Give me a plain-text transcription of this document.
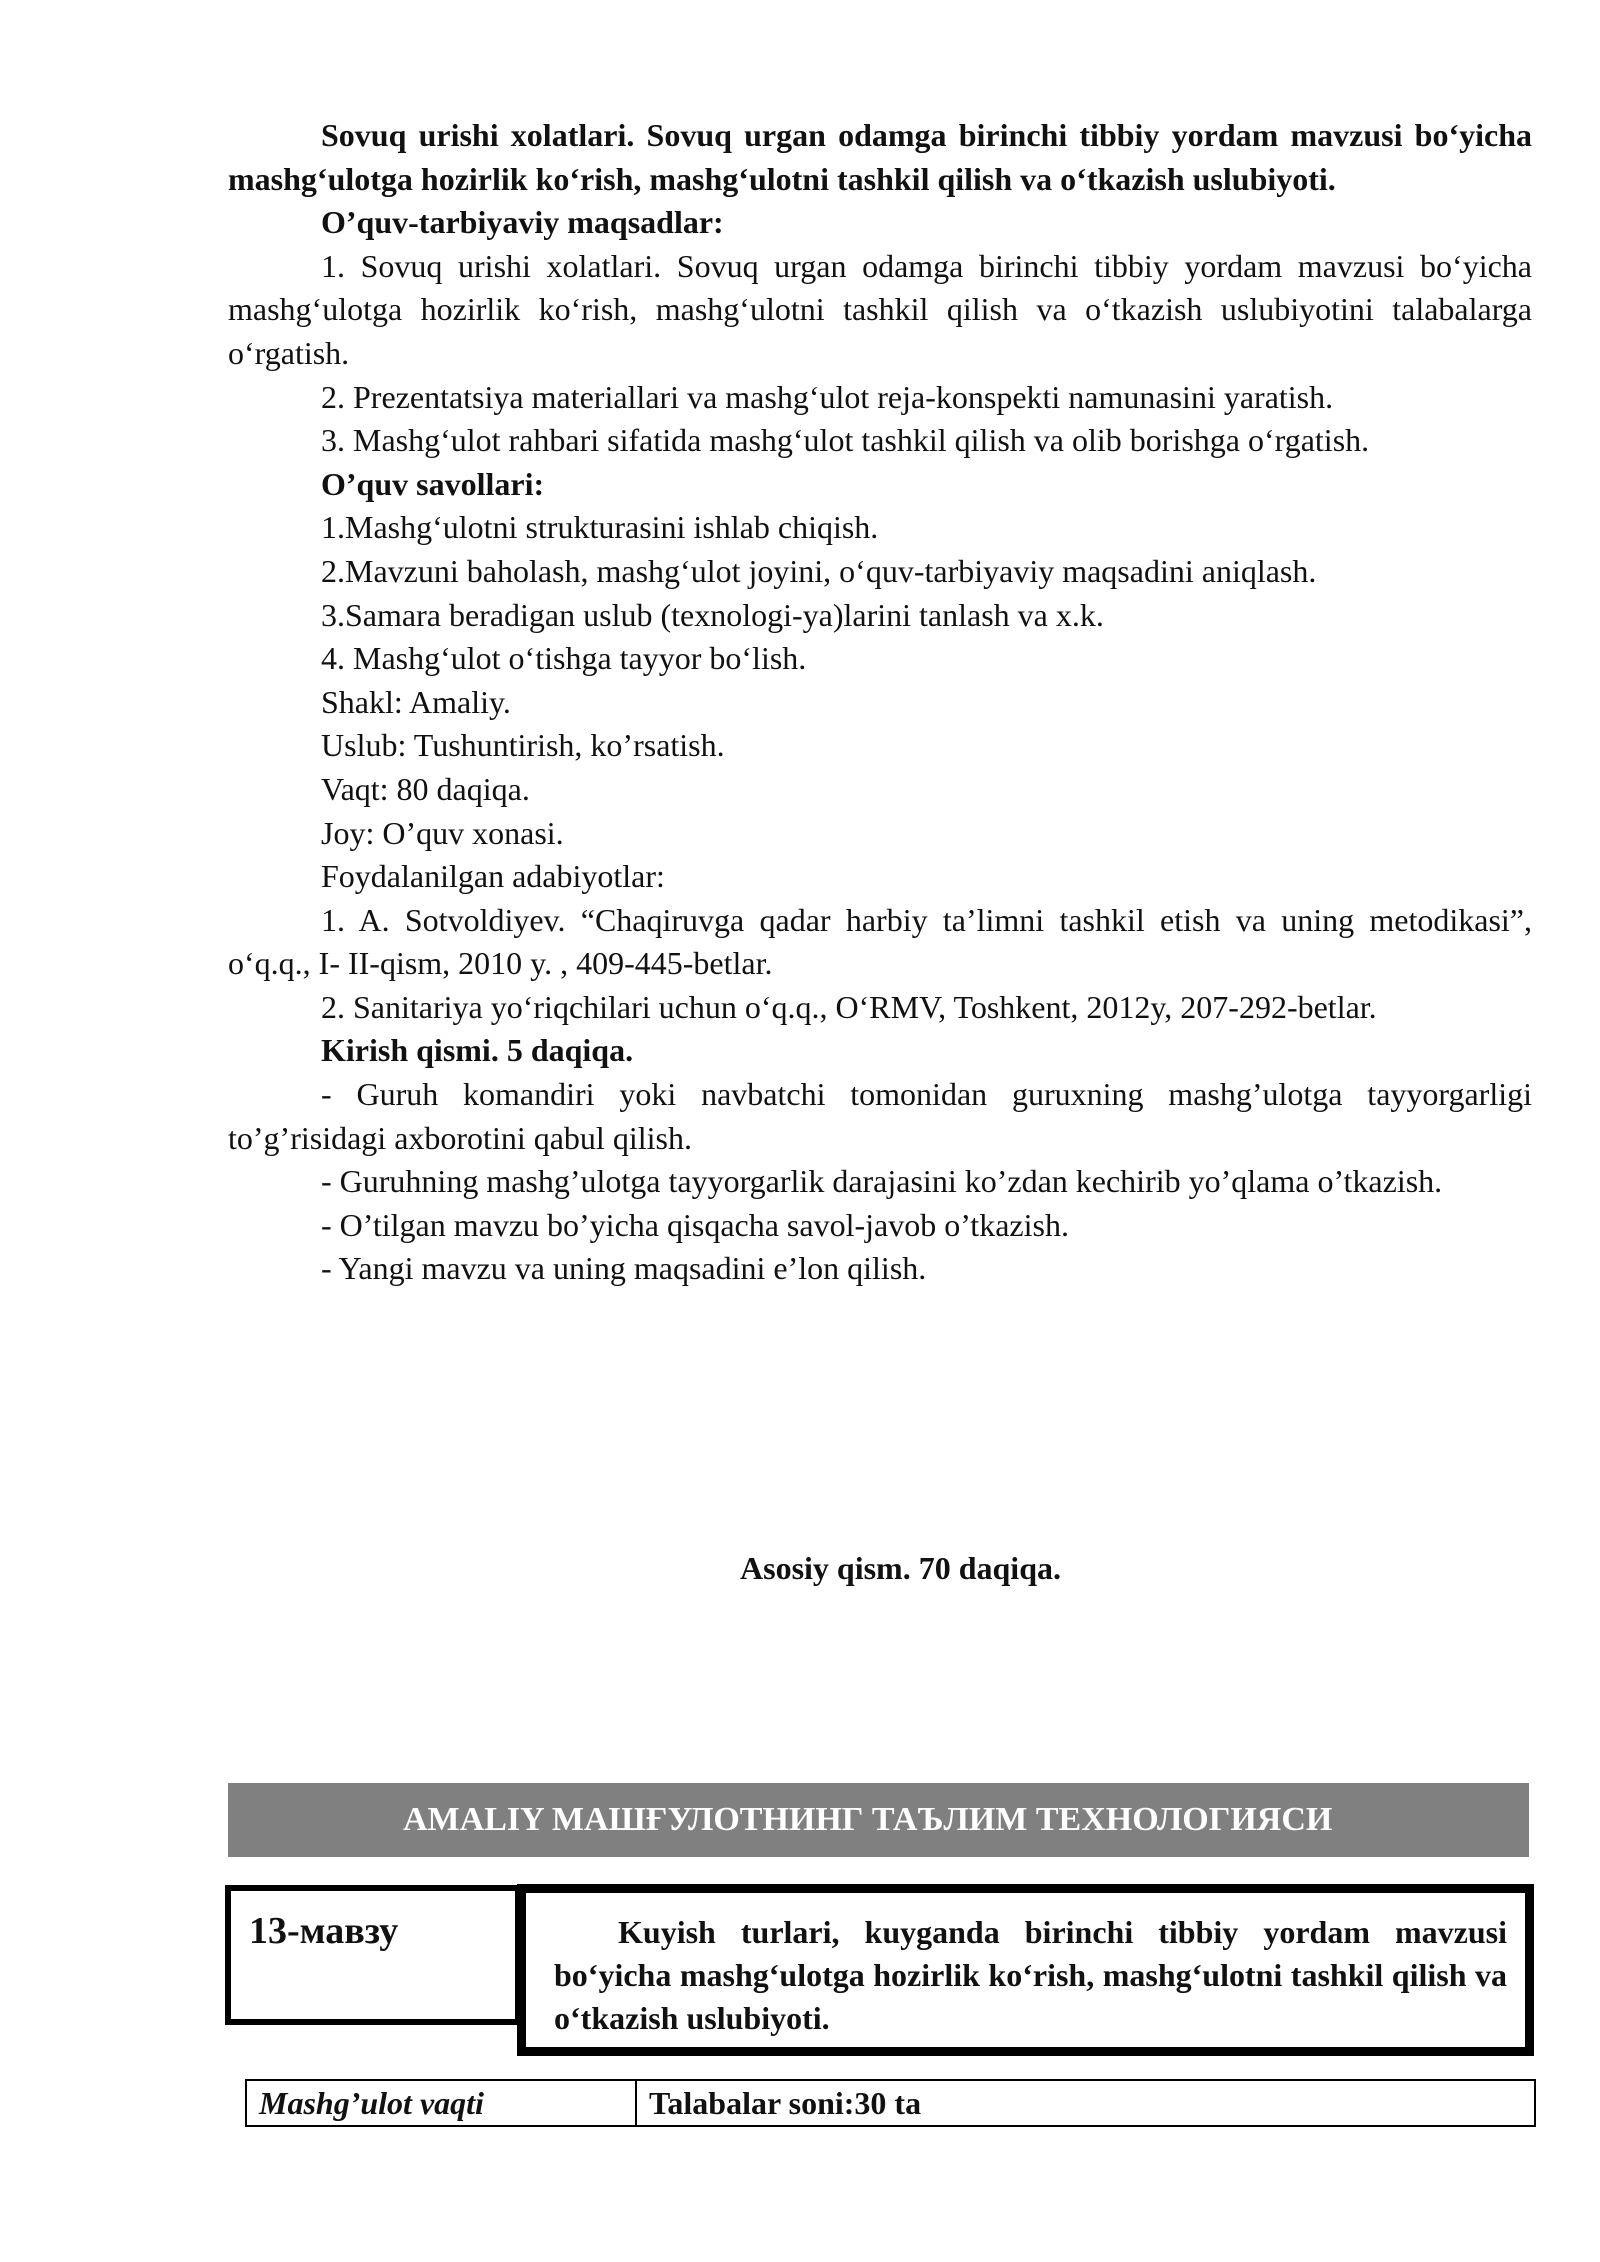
Sovuq urishi xolatlari. Sovuq urgan odamga birinchi tibbiy yordam mavzusi bo‘yicha mashg‘ulotga hozirlik ko‘rish, mashg‘ulotni tashkil qilish va o‘tkazish uslubiyoti.

O’quv-tarbiyaviy maqsadlar:

1. Sovuq urishi xolatlari. Sovuq urgan odamga birinchi tibbiy yordam mavzusi bo‘yicha mashg‘ulotga hozirlik ko‘rish, mashg‘ulotni tashkil qilish va o‘tkazish uslubiyotini talabalarga o‘rgatish.

2. Prezentatsiya materiallari va mashg‘ulot reja-konspekti namunasini yaratish.

3. Mashg‘ulot rahbari sifatida mashg‘ulot tashkil qilish va olib borishga o‘rgatish.

O’quv savollari:

1.Mashg‘ulotni strukturasini ishlab chiqish.

2.Mavzuni baholash, mashg‘ulot joyini, o‘quv-tarbiyaviy maqsadini aniqlash.

3.Samara beradigan uslub (texnologi-ya)larini tanlash va x.k.

4. Mashg‘ulot o‘tishga tayyor bo‘lish.

Shakl: Amaliy.

Uslub: Tushuntirish, ko’rsatish.

Vaqt: 80 daqiqa.

Joy: O’quv xonasi.

Foydalanilgan adabiyotlar:

1. A. Sotvoldiyev. “Chaqiruvga qadar harbiy ta’limni tashkil etish va uning metodikasi”, o‘q.q., I- II-qism, 2010 y. , 409-445-betlar.

2. Sanitariya yo‘riqchilari uchun o‘q.q., O‘RMV, Toshkent, 2012y, 207-292-betlar.

Kirish qismi. 5 daqiqa.

- Guruh komandiri yoki navbatchi tomonidan guruxning mashg’ulotga tayyorgarligi to’g’risidagi axborotini qabul qilish.

- Guruhning mashg’ulotga tayyorgarlik darajasini ko’zdan kechirib yo’qlama o’tkazish.

- O’tilgan mavzu bo’yicha qisqacha savol-javob o’tkazish.

- Yangi mavzu va uning maqsadini e’lon qilish.

Asosiy qism. 70 daqiqa.
AMALIY МАШҒУЛОТНИНГ ТАЪЛИМ ТЕХНОЛОГИЯСИ
13-мавзу	Kuyish turlari, kuyganda birinchi tibbiy yordam mavzusi bo‘yicha mashg‘ulotga hozirlik ko‘rish, mashg‘ulotni tashkil qilish va o‘tkazish uslubiyoti.

Mashg’ulot vaqti	Talabalar soni:30 ta
